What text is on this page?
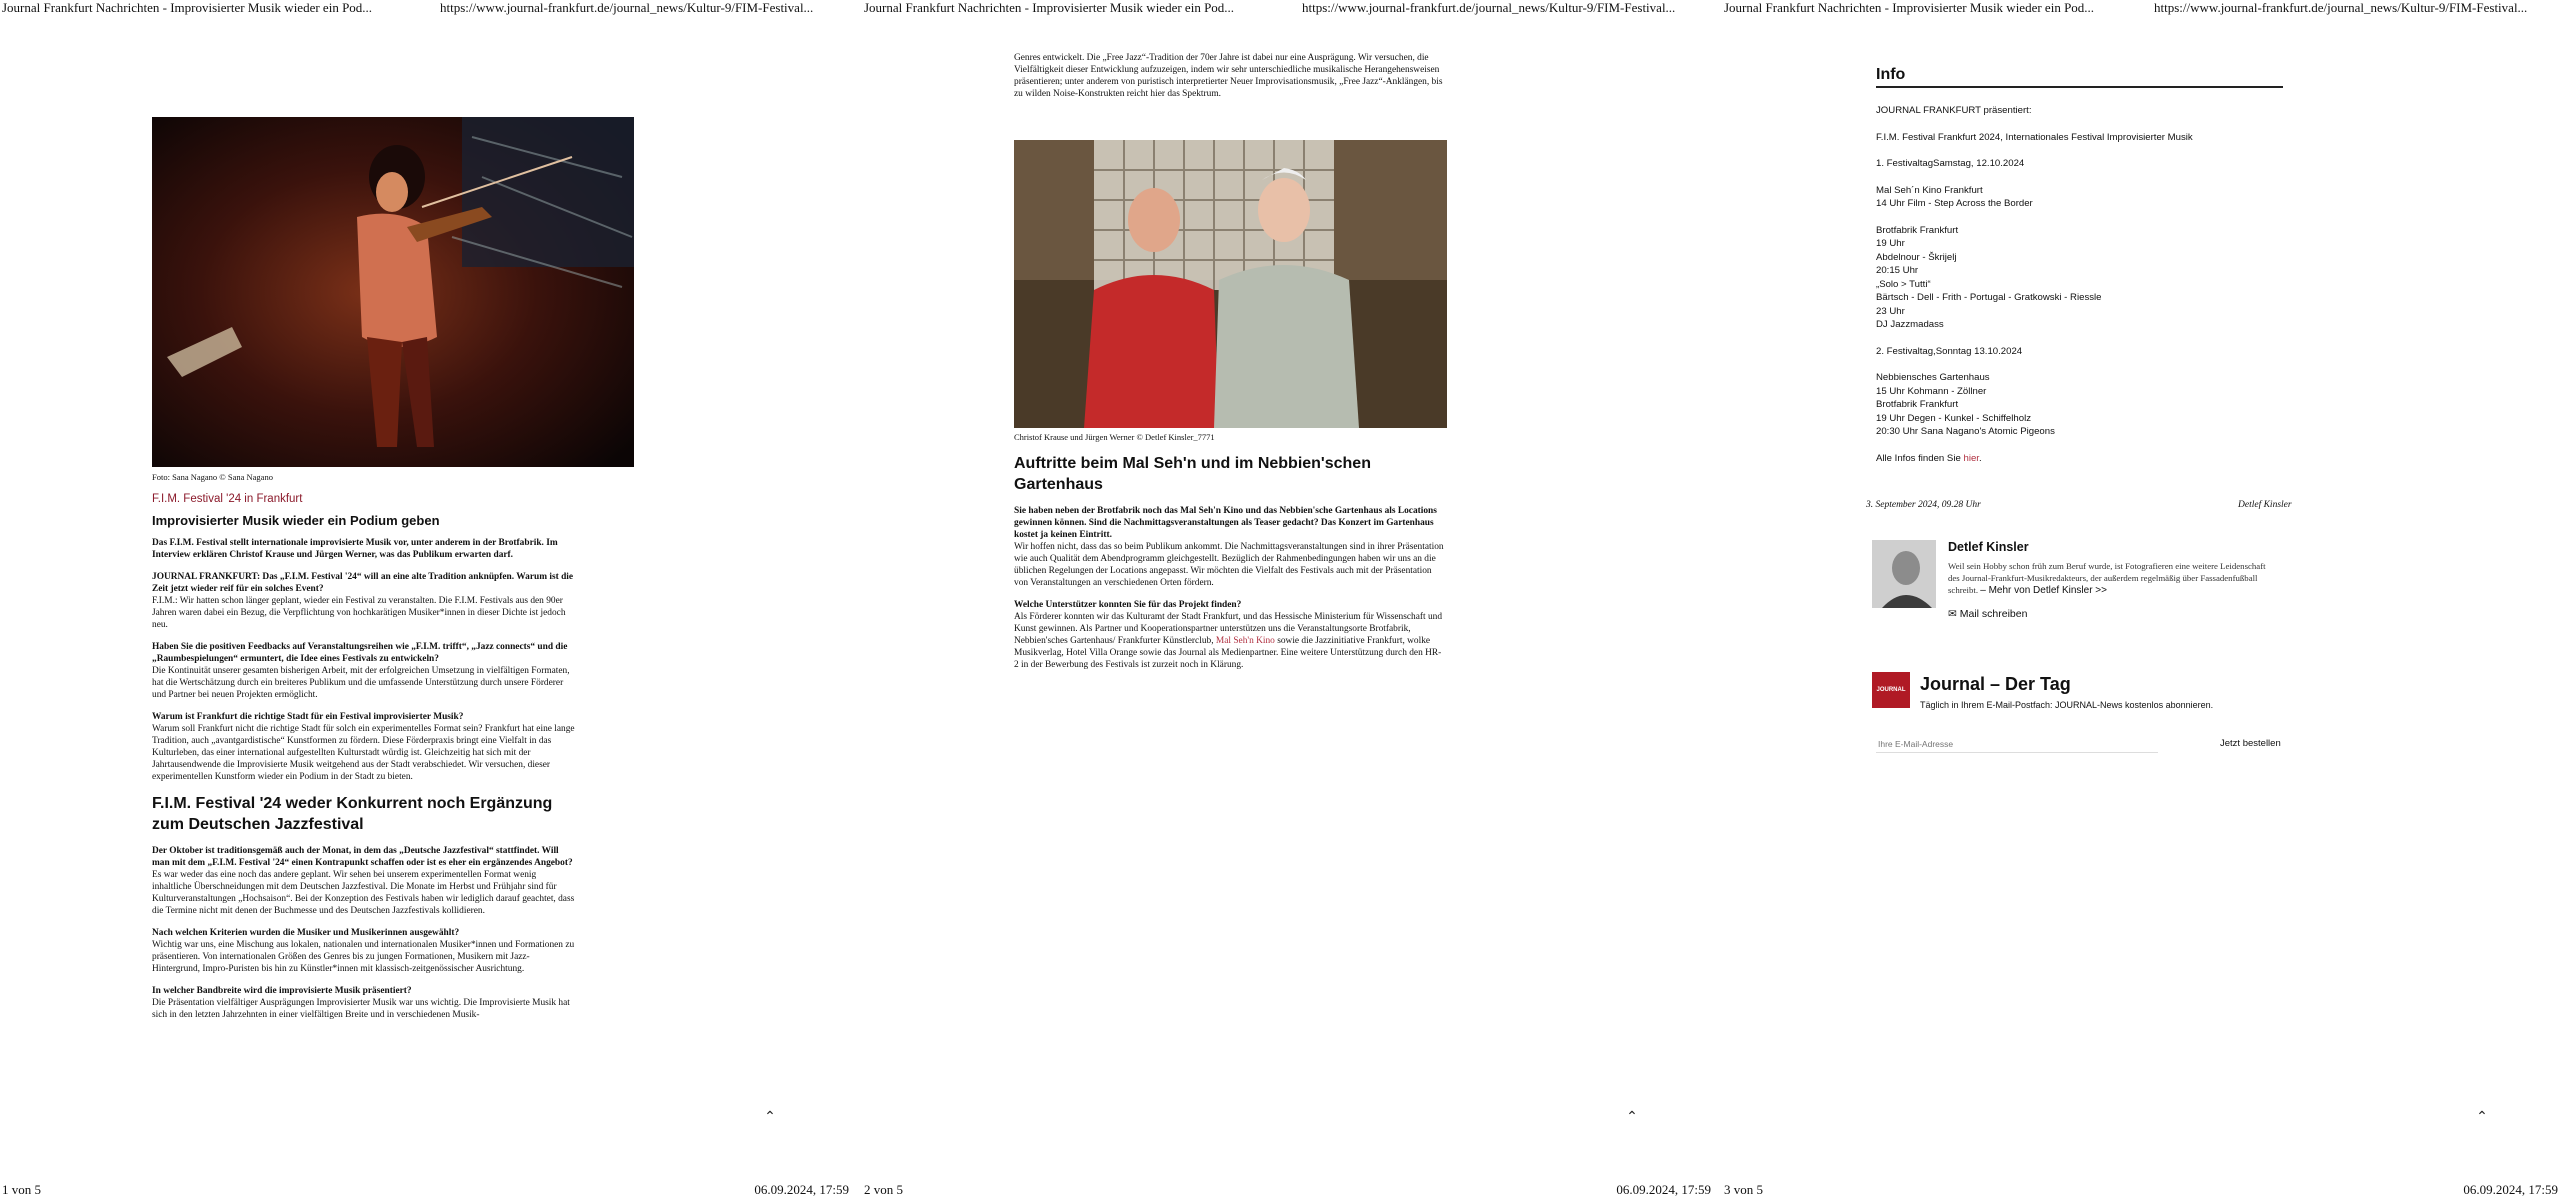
Journal Frankfurt Nachrichten - Improvisierter Musik wieder ein Pod...	https://www.journal-frankfurt.de/journal_news/Kultur-9/FIM-Festival...

Foto: Sana Nagano © Sana Nagano

F.I.M. Festival '24 in Frankfurt

Improvisierter Musik wieder ein Podium geben

Das F.I.M. Festival stellt internationale improvisierte Musik vor, unter anderem in der Brotfabrik. Im Interview erklären Christof Krause und Jürgen Werner, was das Publikum erwarten darf.

JOURNAL FRANKFURT: Das „F.I.M. Festival '24“ will an eine alte Tradition anknüpfen. Warum ist die Zeit jetzt wieder reif für ein solches Event?
F.I.M.: Wir hatten schon länger geplant, wieder ein Festival zu veranstalten. Die F.I.M. Festivals aus den 90er Jahren waren dabei ein Bezug, die Verpflichtung von hochkarätigen Musiker*innen in dieser Dichte ist jedoch neu.

Haben Sie die positiven Feedbacks auf Veranstaltungsreihen wie „F.I.M. trifft“, „Jazz connects“ und die „Raumbespielungen“ ermuntert, die Idee eines Festivals zu entwickeln?
Die Kontinuität unserer gesamten bisherigen Arbeit, mit der erfolgreichen Umsetzung in vielfältigen Formaten, hat die Wertschätzung durch ein breiteres Publikum und die umfassende Unterstützung durch unsere Förderer und Partner bei neuen Projekten ermöglicht.

Warum ist Frankfurt die richtige Stadt für ein Festival improvisierter Musik?
Warum soll Frankfurt nicht die richtige Stadt für solch ein experimentelles Format sein? Frankfurt hat eine lange Tradition, auch „avantgardistische“ Kunstformen zu fördern. Diese Förderpraxis bringt eine Vielfalt in das Kulturleben, das einer international aufgestellten Kulturstadt würdig ist. Gleichzeitig hat sich mit der Jahrtausendwende die Improvisierte Musik weitgehend aus der Stadt verabschiedet. Wir versuchen, dieser experimentellen Kunstform wieder ein Podium in der Stadt zu bieten.

F.I.M. Festival '24 weder Konkurrent noch Ergänzung zum Deutschen Jazzfestival

Der Oktober ist traditionsgemäß auch der Monat, in dem das „Deutsche Jazzfestival“ stattfindet. Will man mit dem „F.I.M. Festival '24“ einen Kontrapunkt schaffen oder ist es eher ein ergänzendes Angebot?
Es war weder das eine noch das andere geplant. Wir sehen bei unserem experimentellen Format wenig inhaltliche Überschneidungen mit dem Deutschen Jazzfestival. Die Monate im Herbst und Frühjahr sind für Kulturveranstaltungen „Hochsaison“. Bei der Konzeption des Festivals haben wir lediglich darauf geachtet, dass die Termine nicht mit denen der Buchmesse und des Deutschen Jazzfestivals kollidieren.

Nach welchen Kriterien wurden die Musiker und Musikerinnen ausgewählt?
Wichtig war uns, eine Mischung aus lokalen, nationalen und internationalen Musiker*innen und Formationen zu präsentieren. Von internationalen Größen des Genres bis zu jungen Formationen, Musikern mit Jazz-Hintergrund, Impro-Puristen bis hin zu Künstler*innen mit klassisch-zeitgenössischer Ausrichtung.

In welcher Bandbreite wird die improvisierte Musik präsentiert?
Die Präsentation vielfältiger Ausprägungen Improvisierter Musik war uns wichtig. Die Improvisierte Musik hat sich in den letzten Jahrzehnten in einer vielfältigen Breite und in verschiedenen Musik-

⌃
1 von 5	06.09.2024, 17:59
Journal Frankfurt Nachrichten - Improvisierter Musik wieder ein Pod...	https://www.journal-frankfurt.de/journal_news/Kultur-9/FIM-Festival...

Genres entwickelt. Die „Free Jazz“-Tradition der 70er Jahre ist dabei nur eine Ausprägung. Wir versuchen, die Vielfältigkeit dieser Entwicklung aufzuzeigen, indem wir sehr unterschiedliche musikalische Herangehensweisen präsentieren; unter anderem von puristisch interpretierter Neuer Improvisationsmusik, „Free Jazz“-Anklängen, bis zu wilden Noise-Konstrukten reicht hier das Spektrum.

Christof Krause und Jürgen Werner © Detlef Kinsler_7771

Auftritte beim Mal Seh'n und im Nebbien'schen Gartenhaus

Sie haben neben der Brotfabrik noch das Mal Seh'n Kino und das Nebbien'sche Gartenhaus als Locations gewinnen können. Sind die Nachmittagsveranstaltungen als Teaser gedacht? Das Konzert im Gartenhaus kostet ja keinen Eintritt.
Wir hoffen nicht, dass das so beim Publikum ankommt. Die Nachmittagsveranstaltungen sind in ihrer Präsentation wie auch Qualität dem Abendprogramm gleichgestellt. Bezüglich der Rahmenbedingungen haben wir uns an die üblichen Regelungen der Locations angepasst. Wir möchten die Vielfalt des Festivals auch mit der Präsentation von Veranstaltungen an verschiedenen Orten fördern.

Welche Unterstützer konnten Sie für das Projekt finden?
Als Förderer konnten wir das Kulturamt der Stadt Frankfurt, und das Hessische Ministerium für Wissenschaft und Kunst gewinnen. Als Partner und Kooperationspartner unterstützen uns die Veranstaltungsorte Brotfabrik, Nebbien'sches Gartenhaus/ Frankfurter Künstlerclub, Mal Seh'n Kino sowie die Jazzinitiative Frankfurt, wolke Musikverlag, Hotel Villa Orange sowie das Journal als Medienpartner. Eine weitere Unterstützung durch den HR-2 in der Bewerbung des Festivals ist zurzeit noch in Klärung.

⌃
2 von 5	06.09.2024, 17:59
Journal Frankfurt Nachrichten - Improvisierter Musik wieder ein Pod...	https://www.journal-frankfurt.de/journal_news/Kultur-9/FIM-Festival...
Info
JOURNAL FRANKFURT präsentiert:
F.I.M. Festival Frankfurt 2024, Internationales Festival Improvisierter Musik
1. FestivaltagSamstag, 12.10.2024
Mal Seh´n Kino Frankfurt
14 Uhr Film - Step Across the Border
Brotfabrik Frankfurt
19 Uhr
Abdelnour - Škrijelj
20:15 Uhr
„Solo > Tutti“
Bärtsch - Dell - Frith - Portugal - Gratkowski - Riessle
23 Uhr
DJ Jazzmadass
2. Festivaltag,Sonntag 13.10.2024
Nebbiensches Gartenhaus
15 Uhr Kohmann - Zöllner
Brotfabrik Frankfurt
19 Uhr Degen - Kunkel - Schiffelholz
20:30 Uhr Sana Nagano's Atomic Pigeons
Alle Infos finden Sie hier.
3. September 2024, 09.28 Uhr	Detlef Kinsler
Detlef Kinsler
Weil sein Hobby schon früh zum Beruf wurde, ist Fotografieren eine weitere Leidenschaft des Journal-Frankfurt-Musikredakteurs, der außerdem regelmäßig über Fassadenfußball schreibt. – Mehr von Detlef Kinsler >>
✉ Mail schreiben
JOURNAL Journal – Der Tag
Täglich in Ihrem E-Mail-Postfach: JOURNAL-News kostenlos abonnieren.
Ihre E-Mail-Adresse
Jetzt bestellen
⌃
3 von 5	06.09.2024, 17:59
